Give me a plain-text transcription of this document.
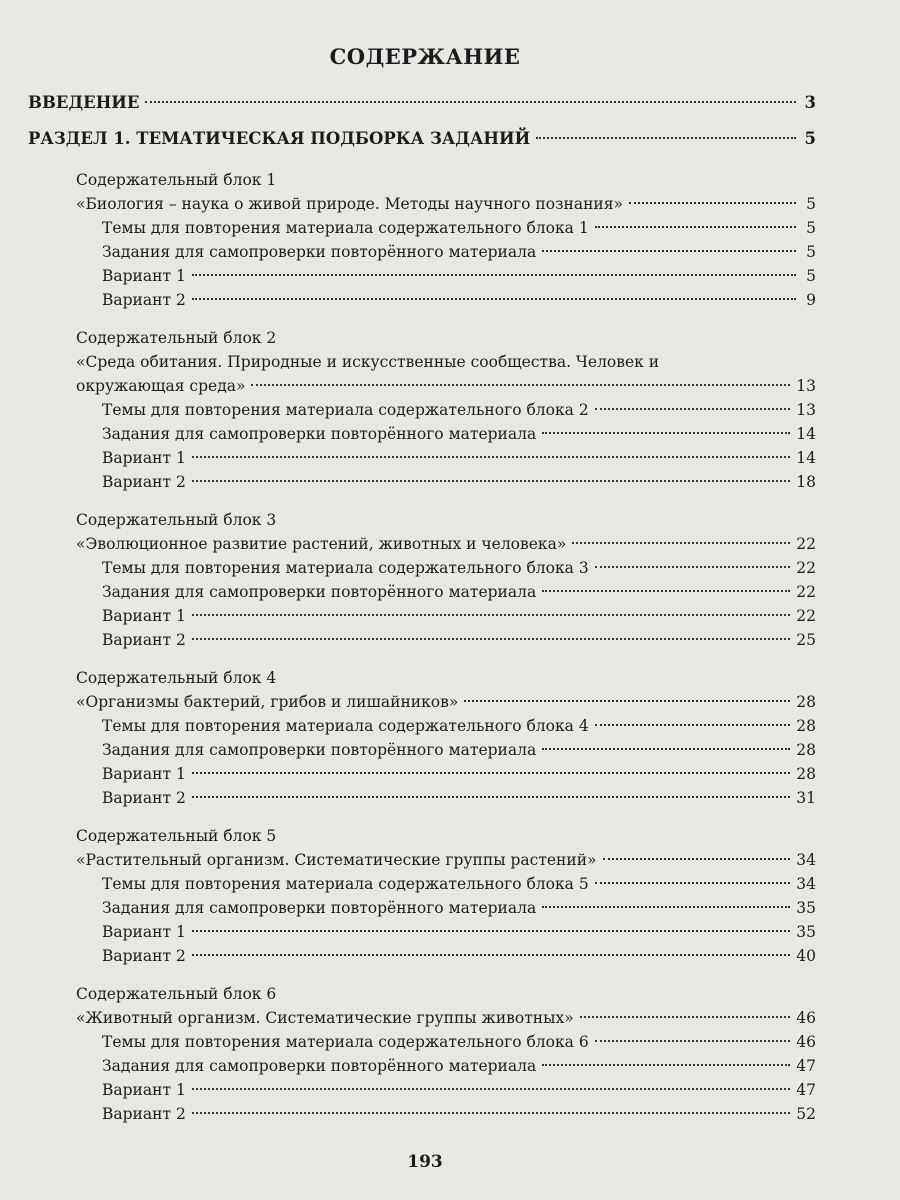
СОДЕРЖАНИЕ
ВВЕДЕНИЕ	3
РАЗДЕЛ 1. ТЕМАТИЧЕСКАЯ ПОДБОРКА ЗАДАНИЙ	5
Содержательный блок 1
«Биология – наука о живой природе. Методы научного познания»	5
Темы для повторения материала содержательного блока 1	5
Задания для самопроверки повторённого материала	5
Вариант 1	5
Вариант 2	9
Содержательный блок 2
«Среда обитания. Природные и искусственные сообщества. Человек и
окружающая среда»	13
Темы для повторения материала содержательного блока 2	13
Задания для самопроверки повторённого материала	14
Вариант 1	14
Вариант 2	18
Содержательный блок 3
«Эволюционное развитие растений, животных и человека»	22
Темы для повторения материала содержательного блока 3	22
Задания для самопроверки повторённого материала	22
Вариант 1	22
Вариант 2	25
Содержательный блок 4
«Организмы бактерий, грибов и лишайников»	28
Темы для повторения материала содержательного блока 4	28
Задания для самопроверки повторённого материала	28
Вариант 1	28
Вариант 2	31
Содержательный блок 5
«Растительный организм. Систематические группы растений»	34
Темы для повторения материала содержательного блока 5	34
Задания для самопроверки повторённого материала	35
Вариант 1	35
Вариант 2	40
Содержательный блок 6
«Животный организм. Систематические группы животных»	46
Темы для повторения материала содержательного блока 6	46
Задания для самопроверки повторённого материала	47
Вариант 1	47
Вариант 2	52
193
